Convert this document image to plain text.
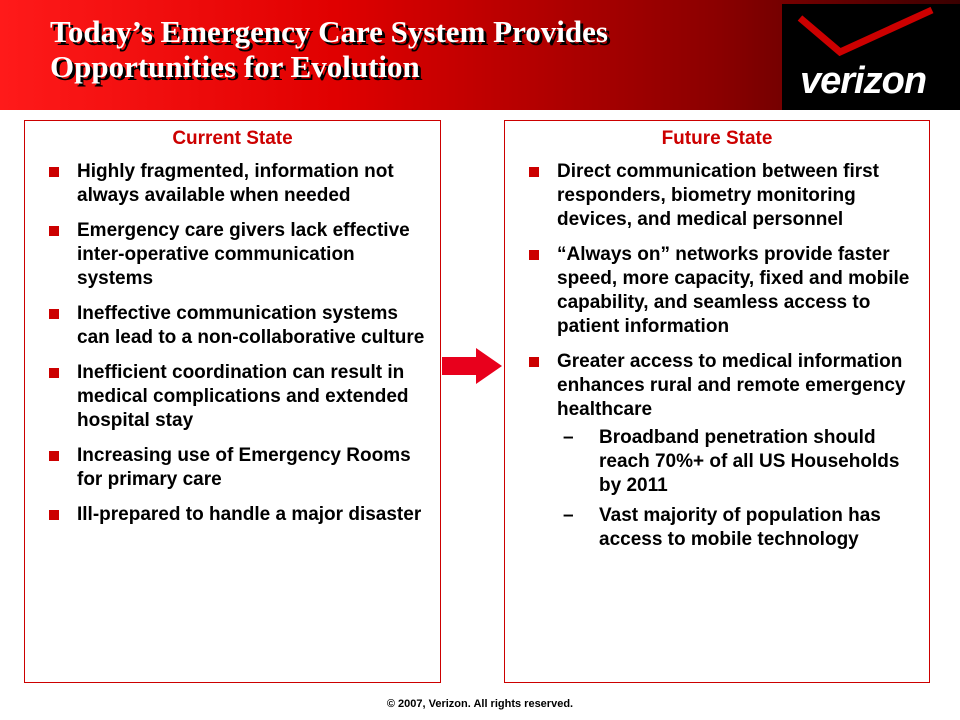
Today’s Emergency Care System Provides
Opportunities for Evolution	verizon
Current State
Highly fragmented, information not always available when needed
Emergency care givers lack effective inter-operative communication systems
Ineffective communication systems can lead to a non-collaborative culture
Inefficient coordination can result in medical complications and extended hospital stay
Increasing use of Emergency Rooms for primary care
Ill-prepared to handle a major disaster
Future State
Direct communication between first responders, biometry monitoring devices, and medical personnel
“Always on” networks provide faster speed, more capacity, fixed and mobile capability, and seamless access to patient information
Greater access to medical information enhances rural and remote emergency healthcare
– Broadband penetration should reach 70%+ of all US Households by 2011
– Vast majority of population has access to mobile technology
© 2007, Verizon. All rights reserved.
